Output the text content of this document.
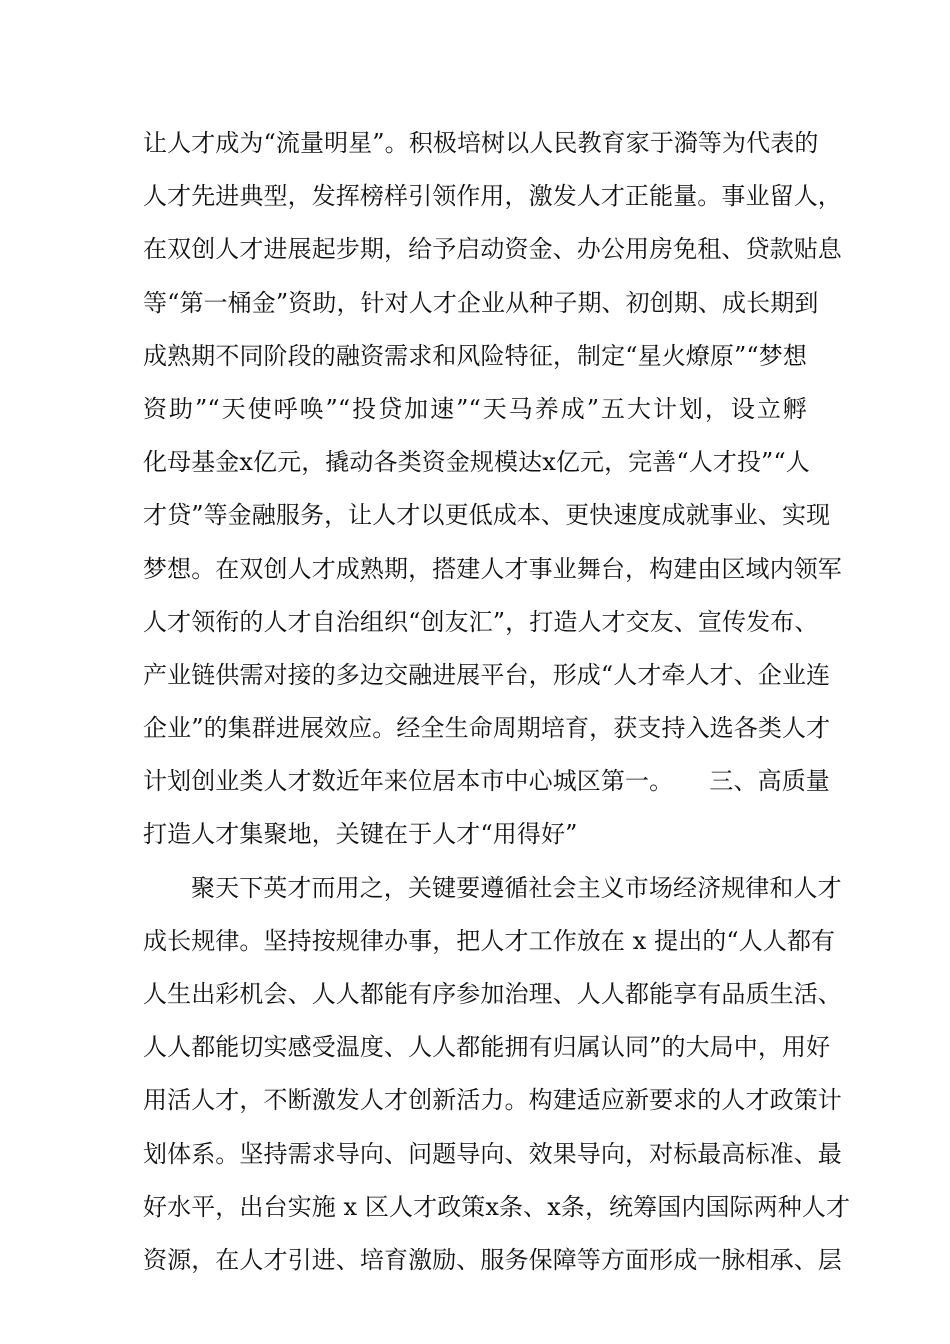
让人才成为“流量明星”。积极培树以人民教育家于漪等为代表的
人才先进典型，发挥榜样引领作用，激发人才正能量。事业留人，
在双创人才进展起步期，给予启动资金、办公用房免租、贷款贴息
等“第一桶金”资助，针对人才企业从种子期、初创期、成长期到
成熟期不同阶段的融资需求和风险特征，制定“星火燎原”“梦想
资助”“天使呼唤”“投贷加速”“天马养成”五大计划，设立孵
化母基金x亿元，撬动各类资金规模达x亿元，完善“人才投”“人
才贷”等金融服务，让人才以更低成本、更快速度成就事业、实现
梦想。在双创人才成熟期，搭建人才事业舞台，构建由区域内领军
人才领衔的人才自治组织“创友汇”，打造人才交友、宣传发布、
产业链供需对接的多边交融进展平台，形成“人才牵人才、企业连
企业”的集群进展效应。经全生命周期培育，获支持入选各类人才
计划创业类人才数近年来位居本市中心城区第一。　　三、高质量
打造人才集聚地，关键在于人才“用得好”
聚天下英才而用之，关键要遵循社会主义市场经济规律和人才
成长规律。坚持按规律办事，把人才工作放在 x 提出的“人人都有
人生出彩机会、人人都能有序参加治理、人人都能享有品质生活、
人人都能切实感受温度、人人都能拥有归属认同”的大局中，用好
用活人才，不断激发人才创新活力。构建适应新要求的人才政策计
划体系。坚持需求导向、问题导向、效果导向，对标最高标准、最
好水平，出台实施 x 区人才政策x条、x条，统筹国内国际两种人才
资源，在人才引进、培育激励、服务保障等方面形成一脉相承、层
